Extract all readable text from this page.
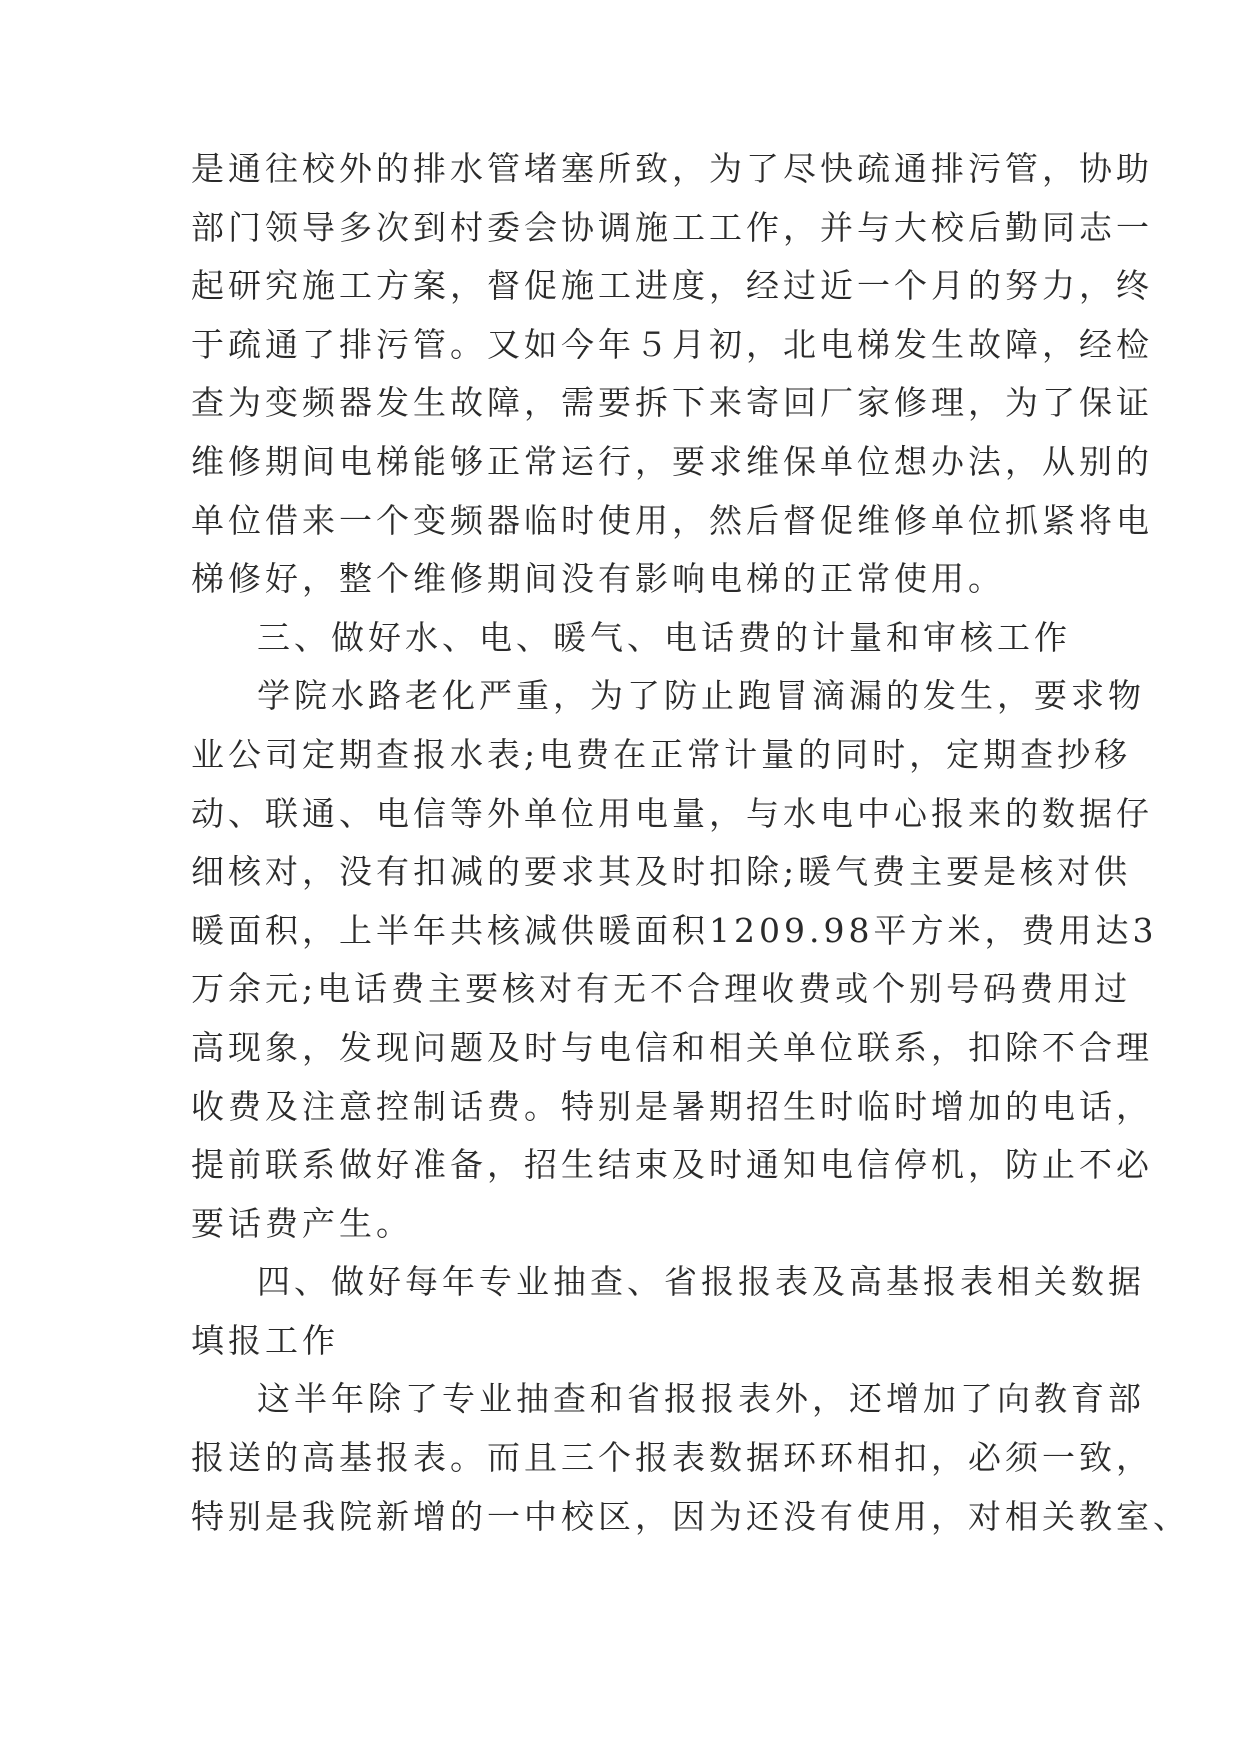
是通往校外的排水管堵塞所致，为了尽快疏通排污管，协助
部门领导多次到村委会协调施工工作，并与大校后勤同志一
起研究施工方案，督促施工进度，经过近一个月的努力，终
于疏通了排污管。又如今年５月初，北电梯发生故障，经检
查为变频器发生故障，需要拆下来寄回厂家修理，为了保证
维修期间电梯能够正常运行，要求维保单位想办法，从别的
单位借来一个变频器临时使用，然后督促维修单位抓紧将电
梯修好，整个维修期间没有影响电梯的正常使用。
三、做好水、电、暖气、电话费的计量和审核工作
学院水路老化严重，为了防止跑冒滴漏的发生，要求物
业公司定期查报水表;电费在正常计量的同时，定期查抄移
动、联通、电信等外单位用电量，与水电中心报来的数据仔
细核对，没有扣减的要求其及时扣除;暖气费主要是核对供
暖面积，上半年共核减供暖面积1209.98平方米，费用达3
万余元;电话费主要核对有无不合理收费或个别号码费用过
高现象，发现问题及时与电信和相关单位联系，扣除不合理
收费及注意控制话费。特别是暑期招生时临时增加的电话，
提前联系做好准备，招生结束及时通知电信停机，防止不必
要话费产生。
四、做好每年专业抽查、省报报表及高基报表相关数据
填报工作
这半年除了专业抽查和省报报表外，还增加了向教育部
报送的高基报表。而且三个报表数据环环相扣，必须一致，
特别是我院新增的一中校区，因为还没有使用，对相关教室、
